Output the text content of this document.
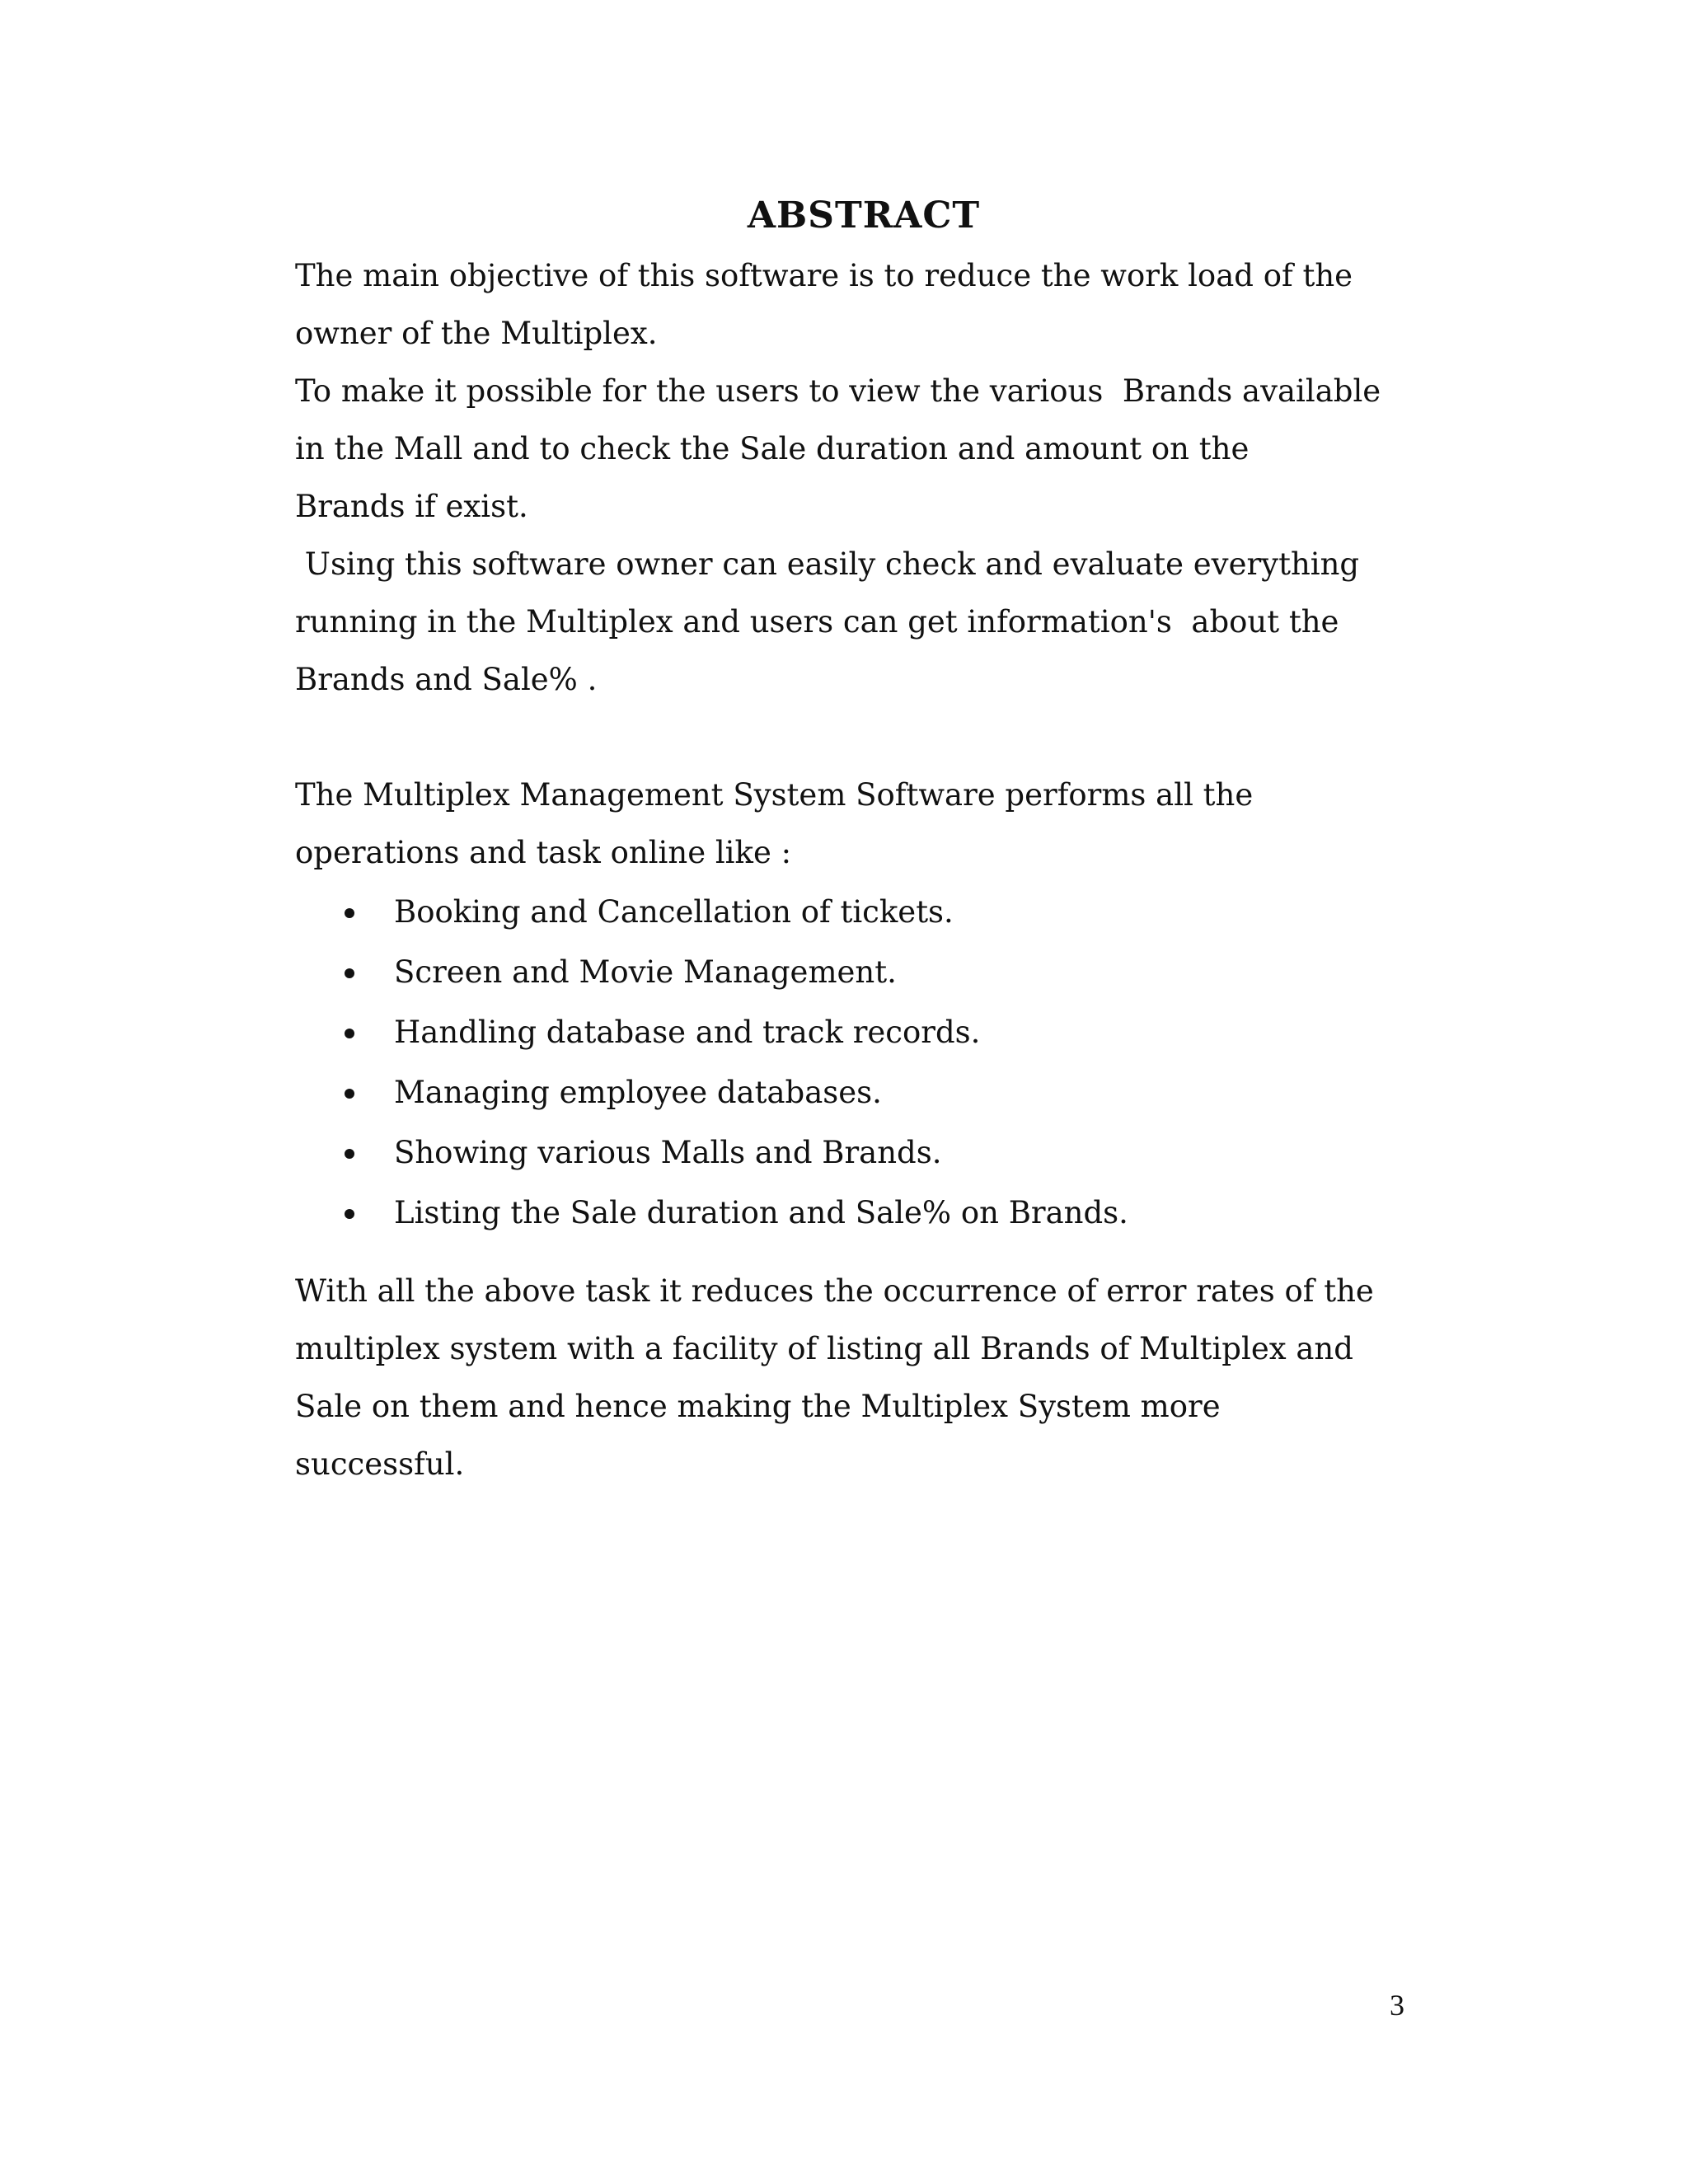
ABSTRACT

The main objective of this software is to reduce the work load of the

owner of the Multiplex.

To make it possible for the users to view the various  Brands available

in the Mall and to check the Sale duration and amount on the

Brands if exist.

Using this software owner can easily check and evaluate everything

running in the Multiplex and users can get information's  about the

Brands and Sale% .

The Multiplex Management System Software performs all the

operations and task online like :

Booking and Cancellation of tickets.
Screen and Movie Management.
Handling database and track records.
Managing employee databases.
Showing various Malls and Brands.
Listing the Sale duration and Sale% on Brands.

With all the above task it reduces the occurrence of error rates of the

multiplex system with a facility of listing all Brands of Multiplex and

Sale on them and hence making the Multiplex System more

successful.

3
